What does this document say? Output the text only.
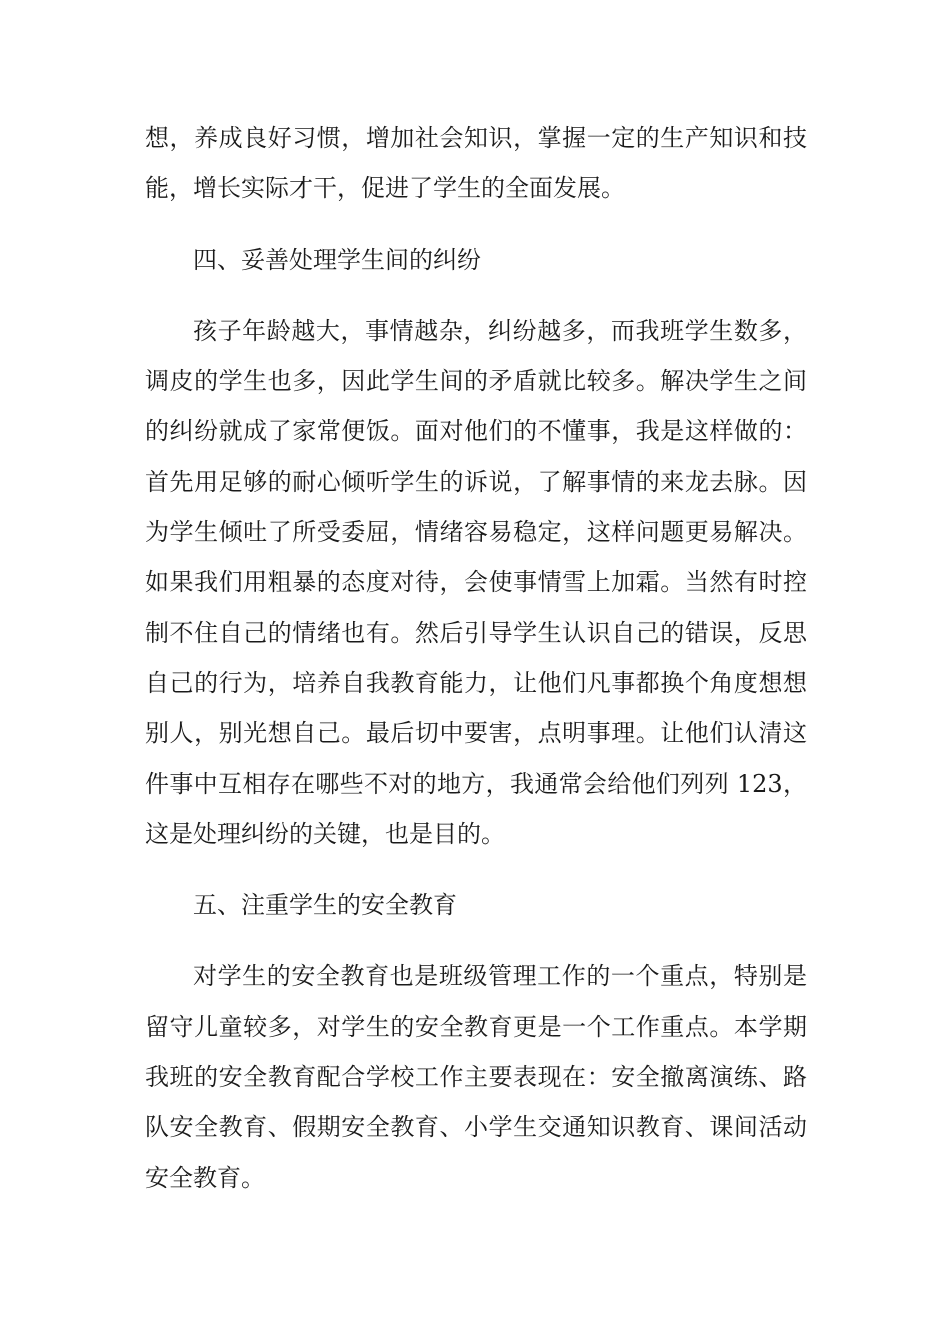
想，养成良好习惯，增加社会知识，掌握一定的生产知识和技能，增长实际才干，促进了学生的全面发展。

四、妥善处理学生间的纠纷

孩子年龄越大，事情越杂，纠纷越多，而我班学生数多，调皮的学生也多，因此学生间的矛盾就比较多。解决学生之间的纠纷就成了家常便饭。面对他们的不懂事，我是这样做的：首先用足够的耐心倾听学生的诉说，了解事情的来龙去脉。因为学生倾吐了所受委屈，情绪容易稳定，这样问题更易解决。如果我们用粗暴的态度对待，会使事情雪上加霜。当然有时控制不住自己的情绪也有。然后引导学生认识自己的错误，反思自己的行为，培养自我教育能力，让他们凡事都换个角度想想别人，别光想自己。最后切中要害，点明事理。让他们认清这件事中互相存在哪些不对的地方，我通常会给他们列列 123，这是处理纠纷的关键，也是目的。

五、注重学生的安全教育

对学生的安全教育也是班级管理工作的一个重点，特别是留守儿童较多，对学生的安全教育更是一个工作重点。本学期我班的安全教育配合学校工作主要表现在：安全撤离演练、路队安全教育、假期安全教育、小学生交通知识教育、课间活动安全教育。
